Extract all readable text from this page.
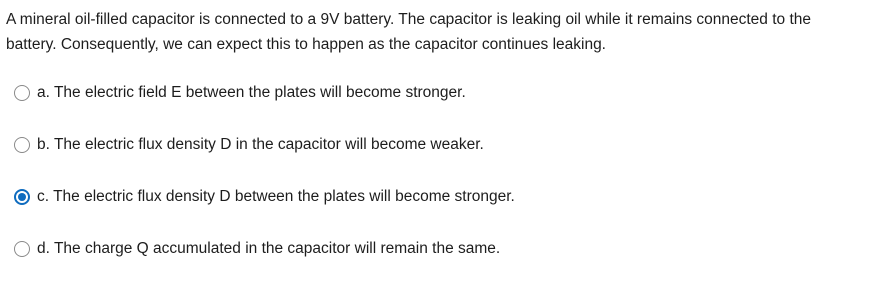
A mineral oil-filled capacitor is connected to a 9V battery. The capacitor is leaking oil while it remains connected to the battery. Consequently, we can expect this to happen as the capacitor continues leaking.

a. The electric field E between the plates will become stronger.
b. The electric flux density D in the capacitor will become weaker.
c. The electric flux density D between the plates will become stronger.
d. The charge Q accumulated in the capacitor will remain the same.
